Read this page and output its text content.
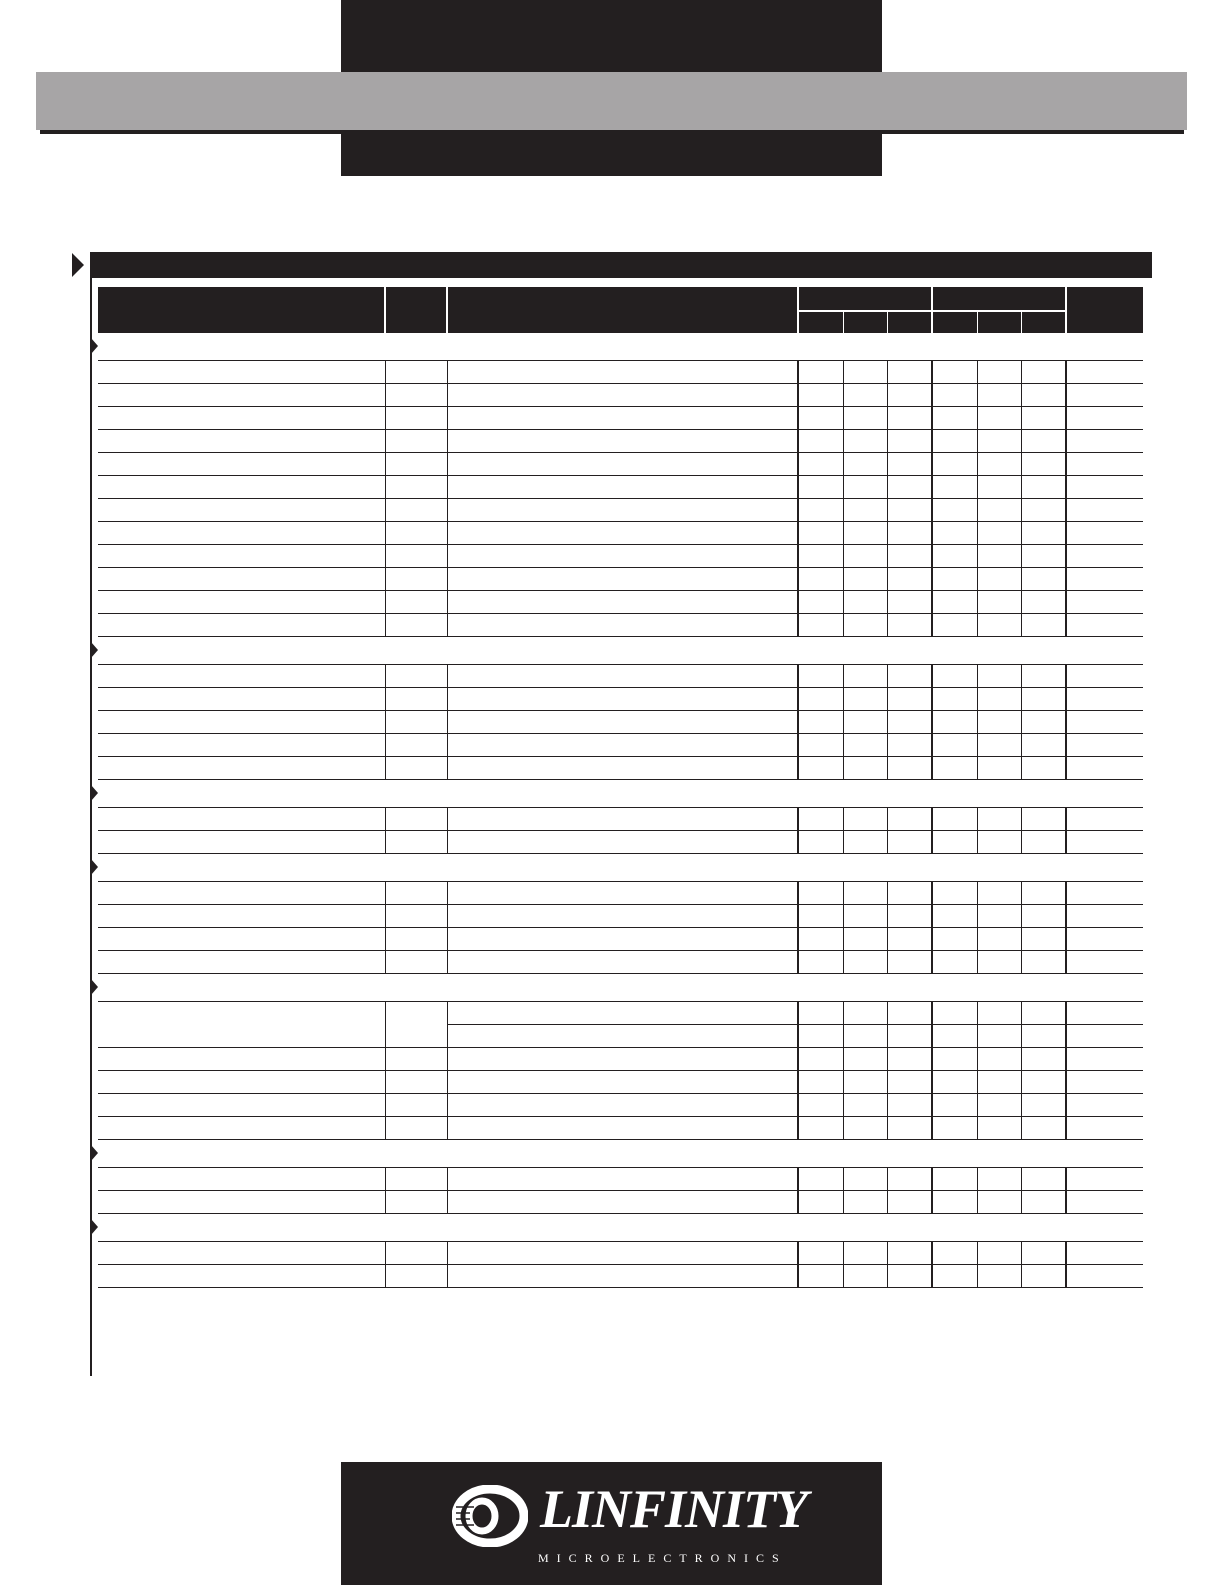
LINFINITY
MICROELECTRONICS
